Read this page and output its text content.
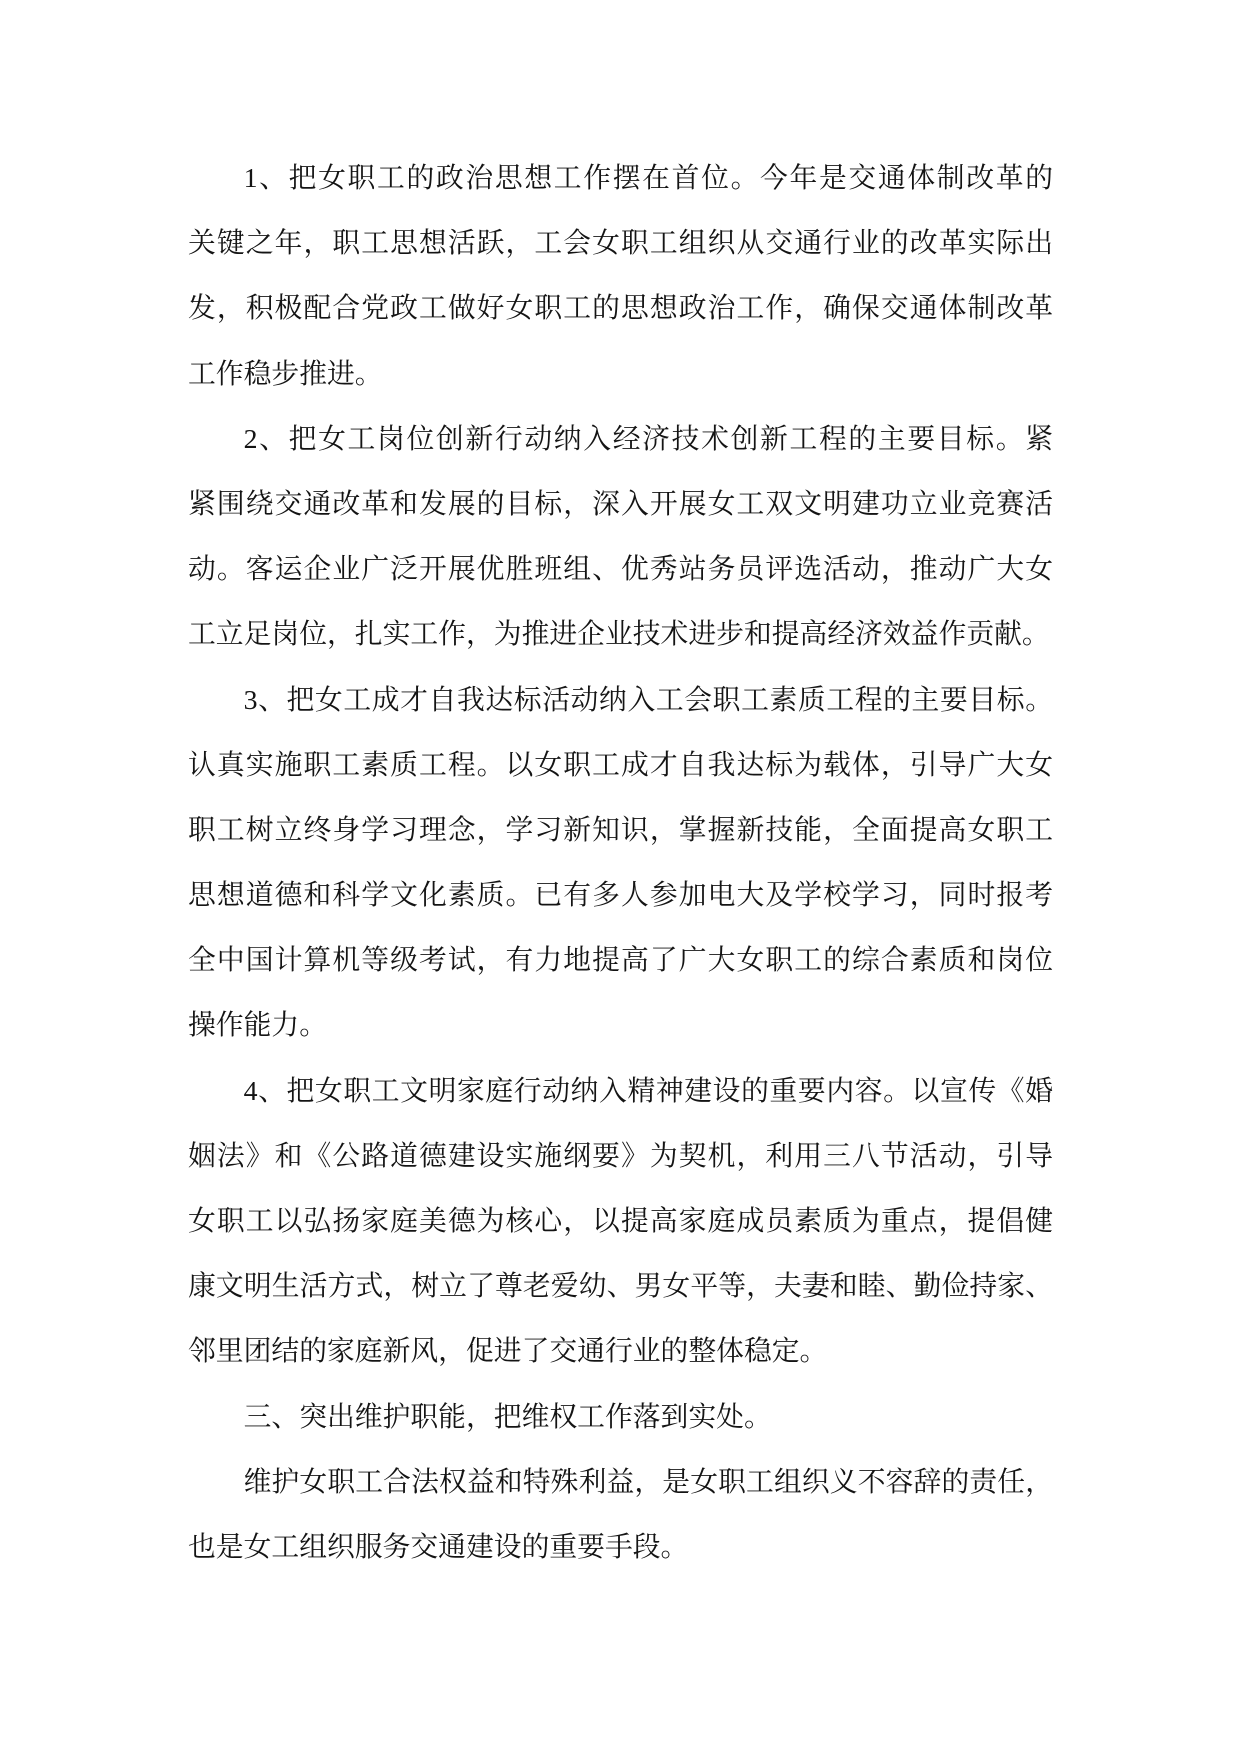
1、把女职工的政治思想工作摆在首位。今年是交通体制改革的
关键之年，职工思想活跃，工会女职工组织从交通行业的改革实际出
发，积极配合党政工做好女职工的思想政治工作，确保交通体制改革
工作稳步推进。
2、把女工岗位创新行动纳入经济技术创新工程的主要目标。紧
紧围绕交通改革和发展的目标，深入开展女工双文明建功立业竞赛活
动。客运企业广泛开展优胜班组、优秀站务员评选活动，推动广大女
工立足岗位，扎实工作，为推进企业技术进步和提高经济效益作贡献。
3、把女工成才自我达标活动纳入工会职工素质工程的主要目标。
认真实施职工素质工程。以女职工成才自我达标为载体，引导广大女
职工树立终身学习理念，学习新知识，掌握新技能，全面提高女职工
思想道德和科学文化素质。已有多人参加电大及学校学习，同时报考
全中国计算机等级考试，有力地提高了广大女职工的综合素质和岗位
操作能力。
4、把女职工文明家庭行动纳入精神建设的重要内容。以宣传《婚
姻法》和《公路道德建设实施纲要》为契机，利用三八节活动，引导
女职工以弘扬家庭美德为核心，以提高家庭成员素质为重点，提倡健
康文明生活方式，树立了尊老爱幼、男女平等，夫妻和睦、勤俭持家、
邻里团结的家庭新风，促进了交通行业的整体稳定。
三、突出维护职能，把维权工作落到实处。
维护女职工合法权益和特殊利益，是女职工组织义不容辞的责任，
也是女工组织服务交通建设的重要手段。
